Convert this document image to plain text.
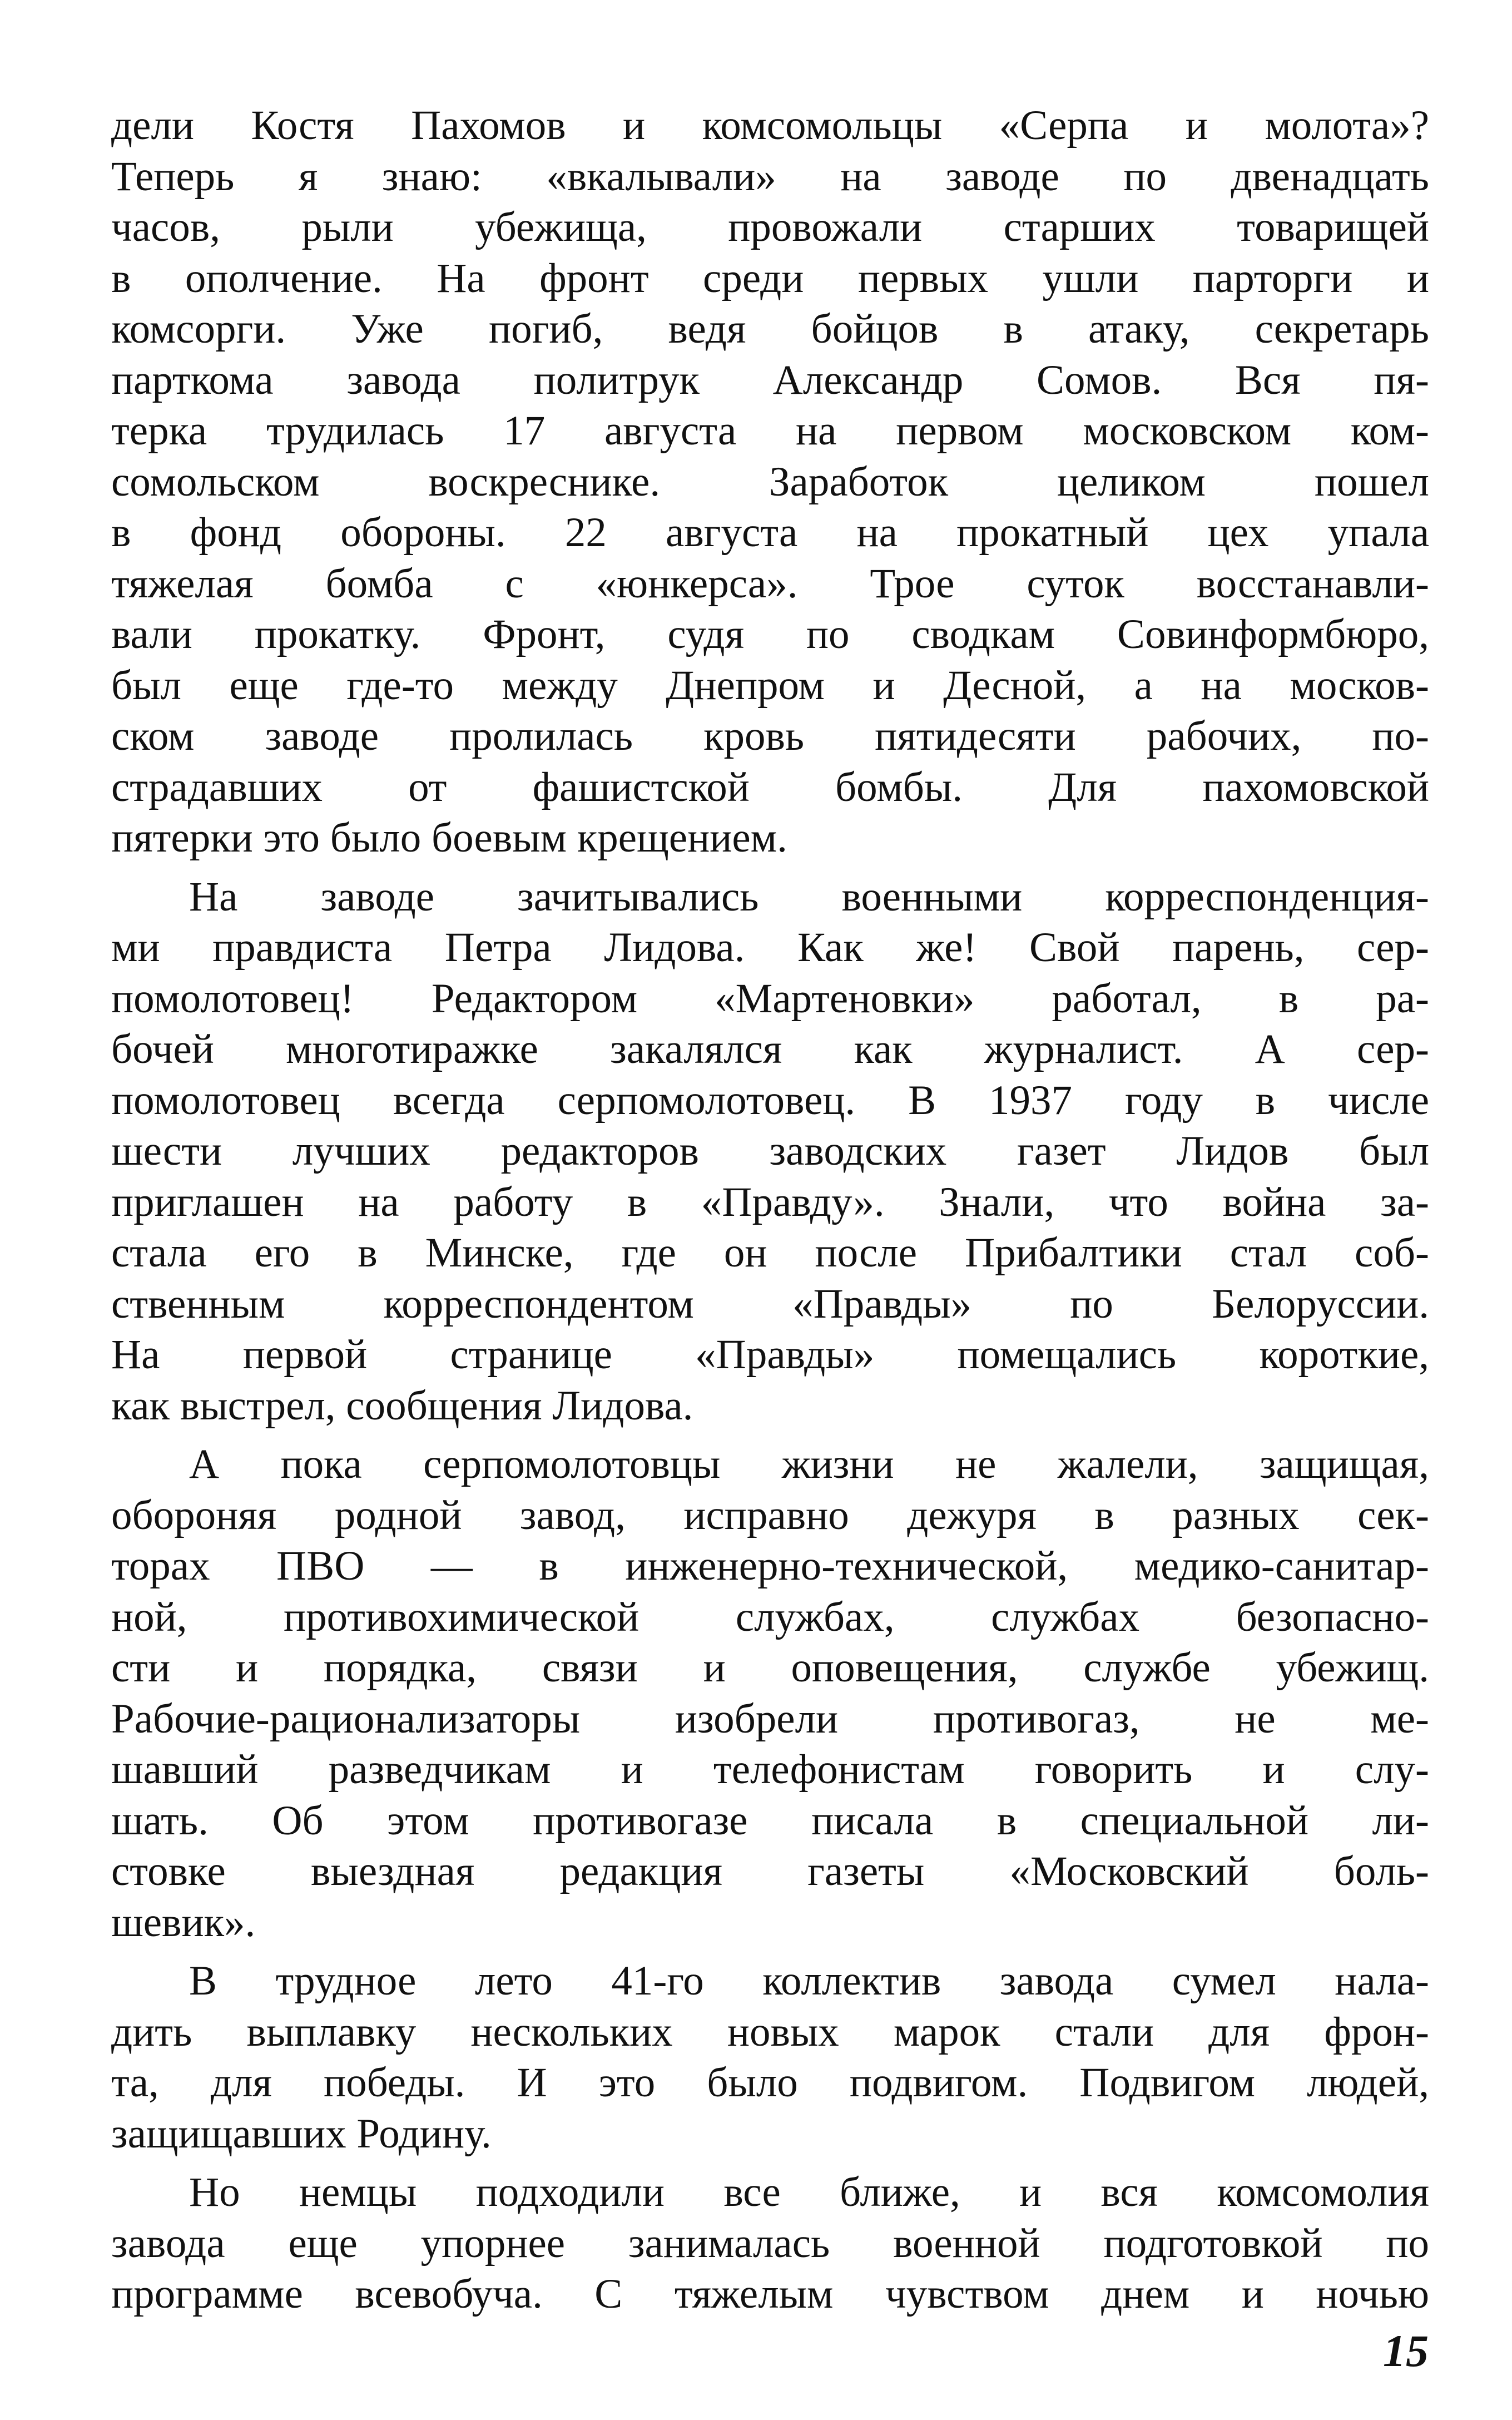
дели Костя Пахомов и комсомольцы «Серпа и молота»?
Теперь я знаю: «вкалывали» на заводе по двенадцать
часов, рыли убежища, провожали старших товарищей
в ополчение. На фронт среди первых ушли парторги и
комсорги. Уже погиб, ведя бойцов в атаку, секретарь
парткома завода политрук Александр Сомов. Вся пя-
терка трудилась 17 августа на первом московском ком-
сомольском воскреснике. Заработок целиком пошел
в фонд обороны. 22 августа на прокатный цех упала
тяжелая бомба с «юнкерса». Трое суток восстанавли-
вали прокатку. Фронт, судя по сводкам Совинформбюро,
был еще где-то между Днепром и Десной, а на москов-
ском заводе пролилась кровь пятидесяти рабочих, по-
страдавших от фашистской бомбы. Для пахомовской
пятерки это было боевым крещением.
На заводе зачитывались военными корреспонденция-
ми правдиста Петра Лидова. Как же! Свой парень, сер-
помолотовец! Редактором «Мартеновки» работал, в ра-
бочей многотиражке закалялся как журналист. А сер-
помолотовец всегда серпомолотовец. В 1937 году в числе
шести лучших редакторов заводских газет Лидов был
приглашен на работу в «Правду». Знали, что война за-
стала его в Минске, где он после Прибалтики стал соб-
ственным корреспондентом «Правды» по Белоруссии.
На первой странице «Правды» помещались короткие,
как выстрел, сообщения Лидова.
А пока серпомолотовцы жизни не жалели, защищая,
обороняя родной завод, исправно дежуря в разных сек-
торах ПВО — в инженерно-технической, медико-санитар-
ной, противохимической службах, службах безопасно-
сти и порядка, связи и оповещения, службе убежищ.
Рабочие-рационализаторы изобрели противогаз, не ме-
шавший разведчикам и телефонистам говорить и слу-
шать. Об этом противогазе писала в специальной ли-
стовке выездная редакция газеты «Московский боль-
шевик».
В трудное лето 41-го коллектив завода сумел нала-
дить выплавку нескольких новых марок стали для фрон-
та, для победы. И это было подвигом. Подвигом людей,
защищавших Родину.
Но немцы подходили все ближе, и вся комсомолия
завода еще упорнее занималась военной подготовкой по
программе всевобуча. С тяжелым чувством днем и ночью
15
